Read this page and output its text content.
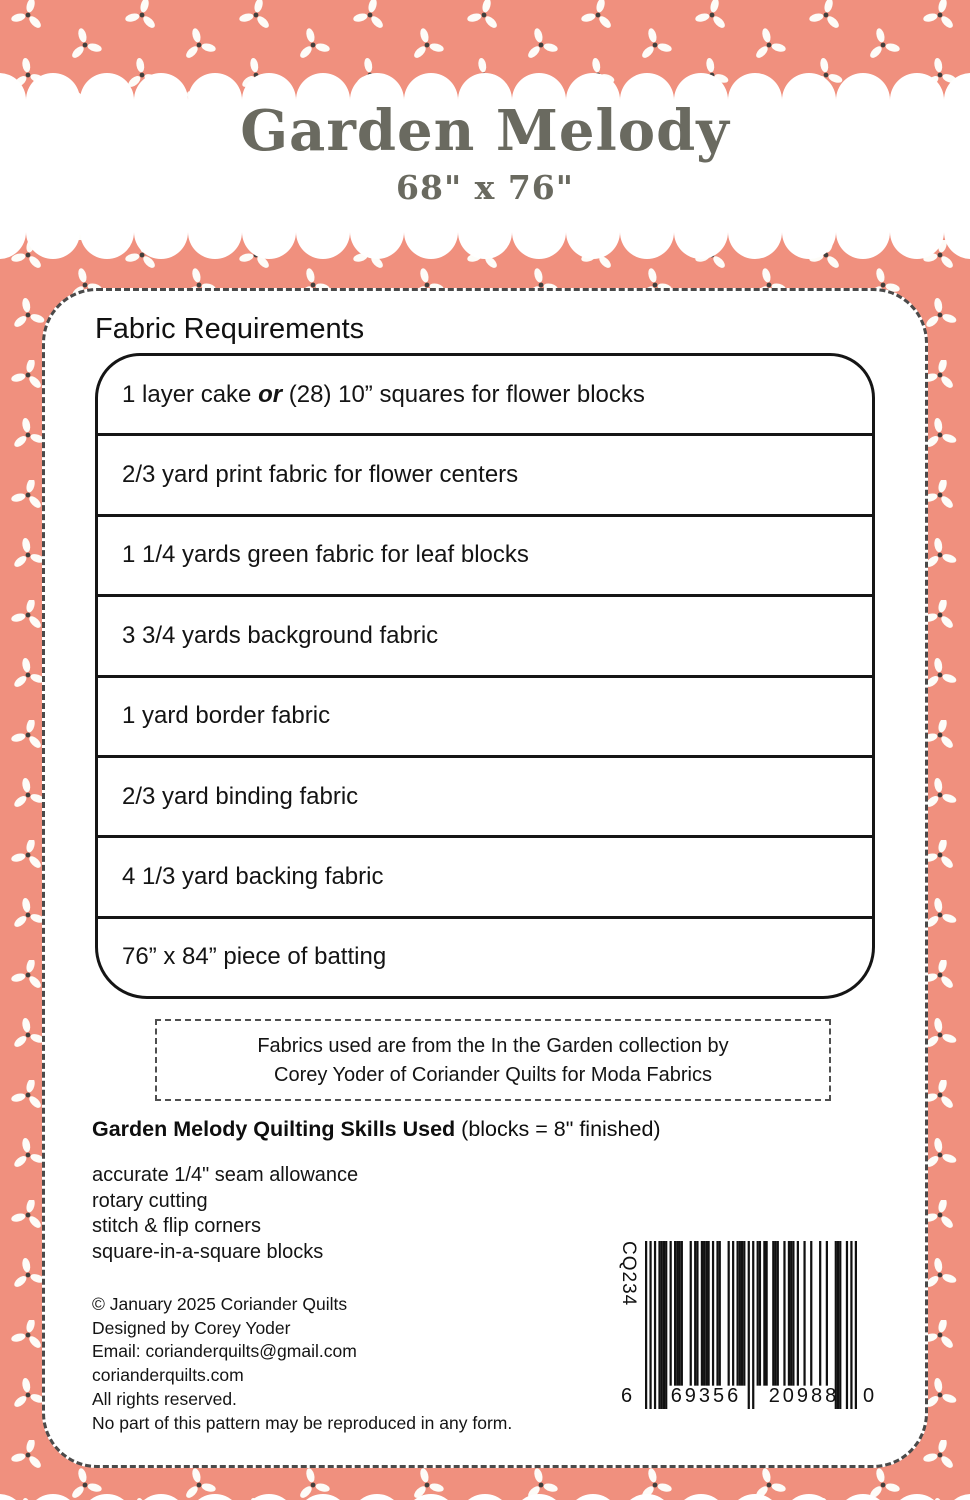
Garden Melody
68" x 76"
Fabric Requirements
1 layer cake or (28) 10” squares for flower blocks
2/3 yard print fabric for flower centers
1 1/4 yards green fabric for leaf blocks
3 3/4 yards background fabric
1 yard border fabric
2/3 yard binding fabric
4 1/3 yard backing fabric
76” x 84” piece of batting
Fabrics used are from the In the Garden collection by
Corey Yoder of Coriander Quilts for Moda Fabrics
Garden Melody Quilting Skills Used (blocks = 8" finished)
accurate 1/4" seam allowance
rotary cutting
stitch & flip corners
square-in-a-square blocks
© January 2025 Coriander Quilts
Designed by Corey Yoder
Email: corianderquilts@gmail.com
corianderquilts.com
All rights reserved.
No part of this pattern may be reproduced in any form.
CQ234
6	69356	20988	0
